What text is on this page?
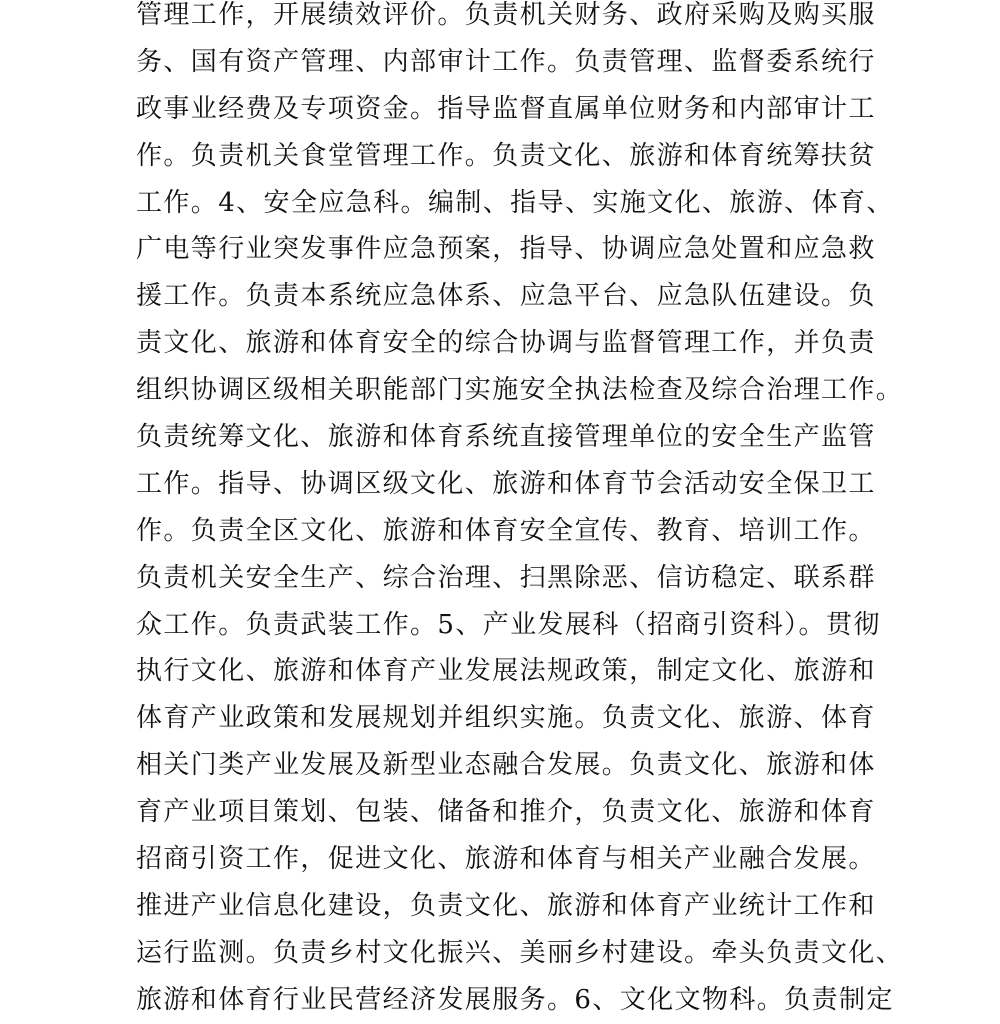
管理工作，开展绩效评价。负责机关财务、政府采购及购买服
务、国有资产管理、内部审计工作。负责管理、监督委系统行
政事业经费及专项资金。指导监督直属单位财务和内部审计工
作。负责机关食堂管理工作。负责文化、旅游和体育统筹扶贫
工作。4、安全应急科。编制、指导、实施文化、旅游、体育、
广电等行业突发事件应急预案，指导、协调应急处置和应急救
援工作。负责本系统应急体系、应急平台、应急队伍建设。负
责文化、旅游和体育安全的综合协调与监督管理工作，并负责
组织协调区级相关职能部门实施安全执法检查及综合治理工作。
负责统筹文化、旅游和体育系统直接管理单位的安全生产监管
工作。指导、协调区级文化、旅游和体育节会活动安全保卫工
作。负责全区文化、旅游和体育安全宣传、教育、培训工作。
负责机关安全生产、综合治理、扫黑除恶、信访稳定、联系群
众工作。负责武装工作。5、产业发展科（招商引资科）。贯彻
执行文化、旅游和体育产业发展法规政策，制定文化、旅游和
体育产业政策和发展规划并组织实施。负责文化、旅游、体育
相关门类产业发展及新型业态融合发展。负责文化、旅游和体
育产业项目策划、包装、储备和推介，负责文化、旅游和体育
招商引资工作，促进文化、旅游和体育与相关产业融合发展。
推进产业信息化建设，负责文化、旅游和体育产业统计工作和
运行监测。负责乡村文化振兴、美丽乡村建设。牵头负责文化、
旅游和体育行业民营经济发展服务。6、文化文物科。负责制定
